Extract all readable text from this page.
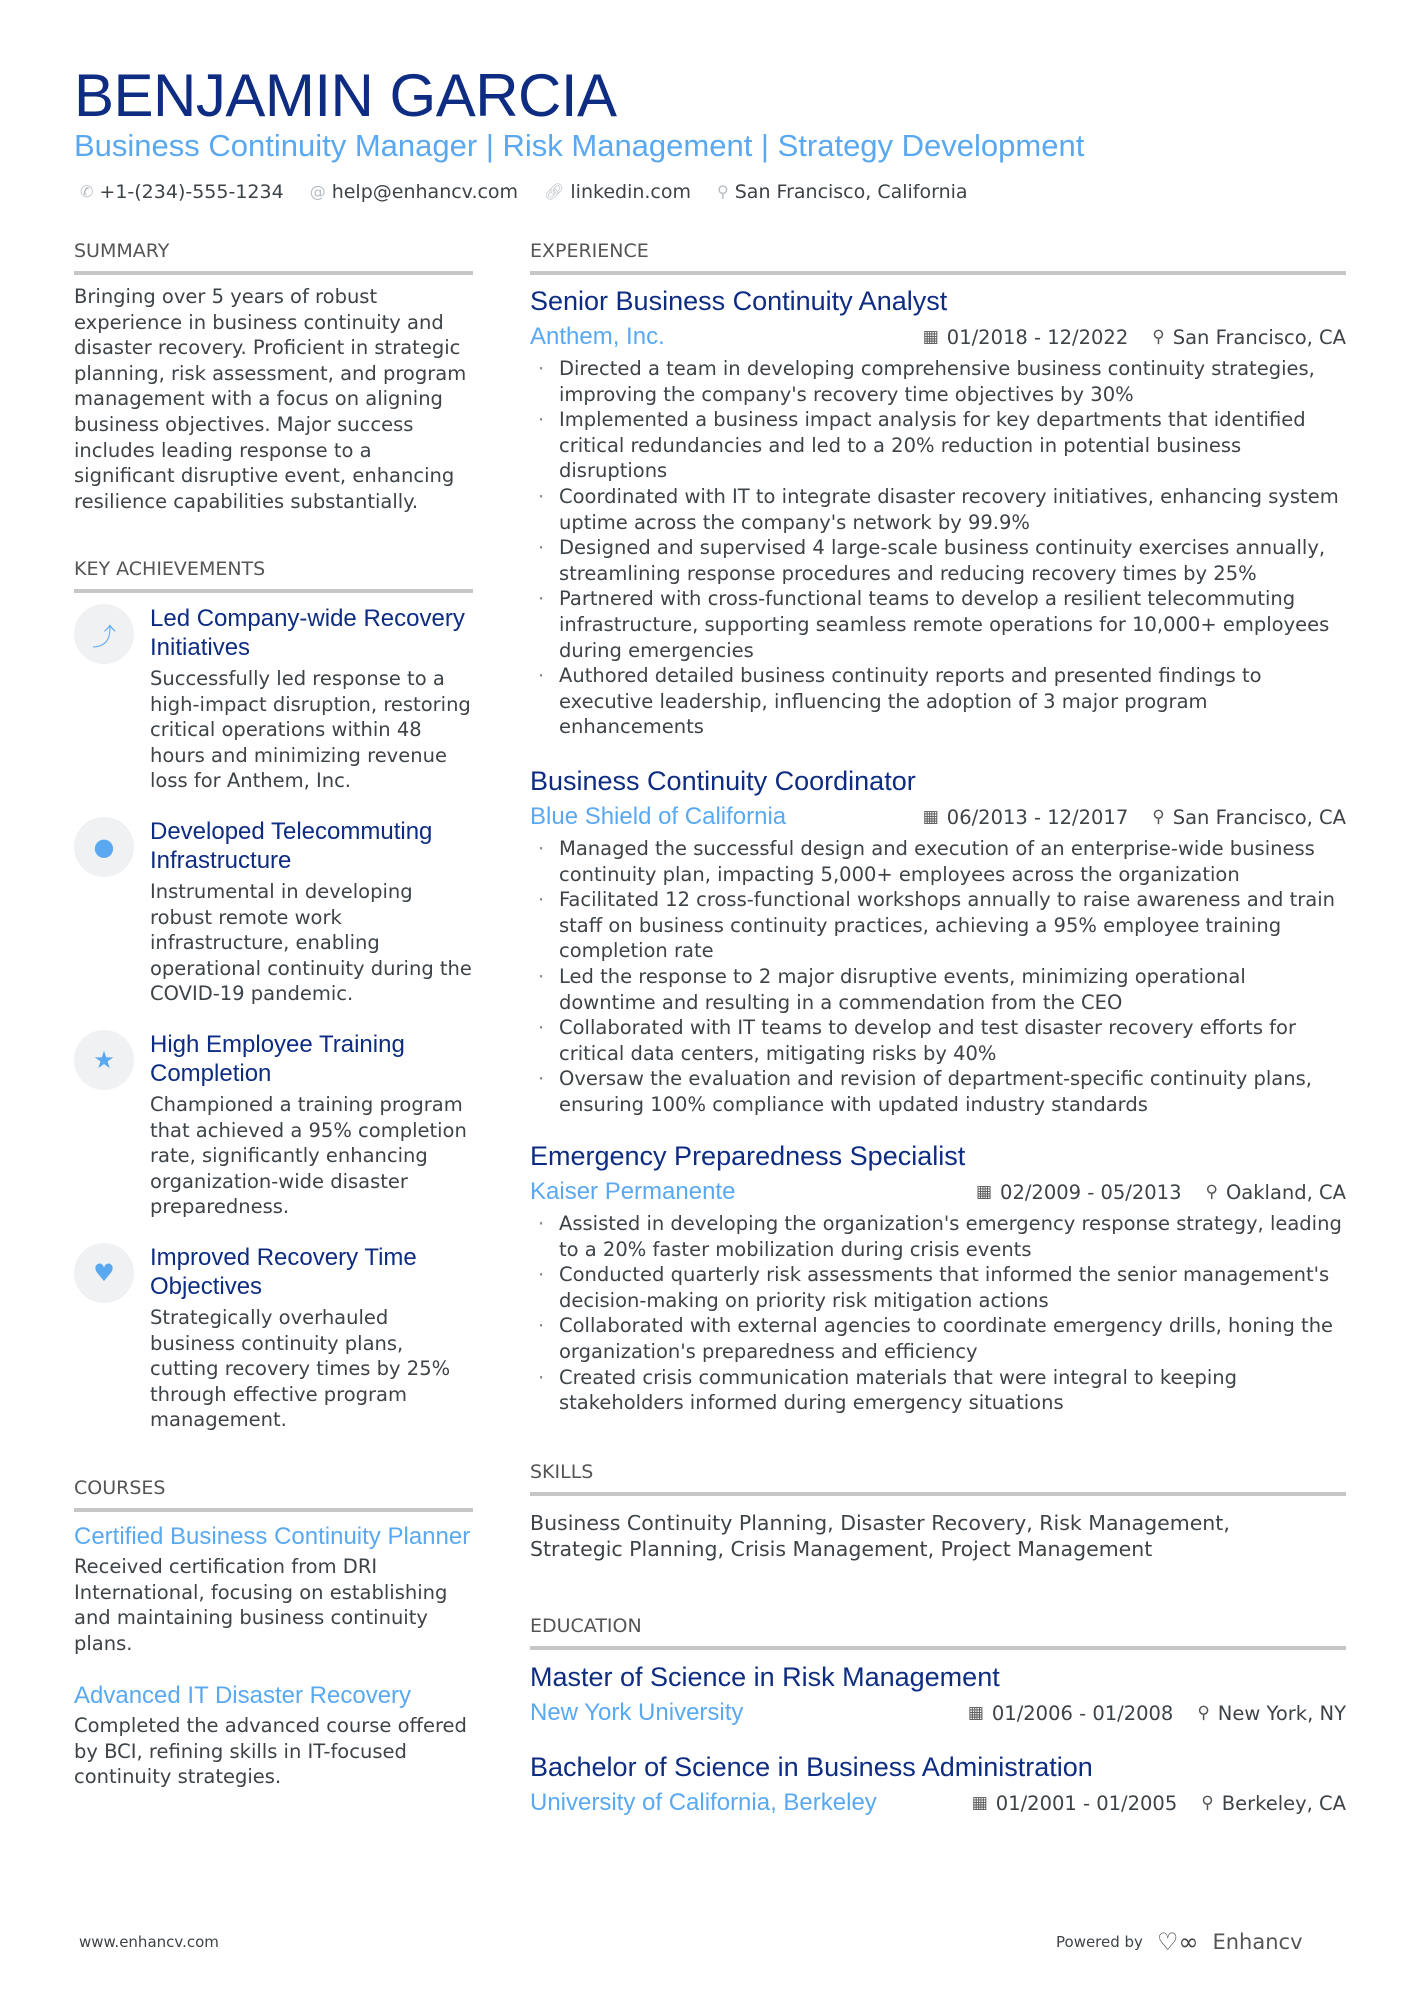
BENJAMIN GARCIA
Business Continuity Manager | Risk Management | Strategy Development
✆ +1-(234)-555-1234 @ help@enhancv.com 🔗︎ linkedin.com ⚲ San Francisco, California
SUMMARY
Bringing over 5 years of robust experience in business continuity and disaster recovery. Proficient in strategic planning, risk assessment, and program management with a focus on aligning business objectives. Major success includes leading response to a significant disruptive event, enhancing resilience capabilities substantially.
KEY ACHIEVEMENTS
⤴
Led Company-wide Recovery Initiatives
Successfully led response to a high-impact disruption, restoring critical operations within 48 hours and minimizing revenue loss for Anthem, Inc.
●
Developed Telecommuting Infrastructure
Instrumental in developing robust remote work infrastructure, enabling operational continuity during the COVID-19 pandemic.
★
High Employee Training Completion
Championed a training program that achieved a 95% completion rate, significantly enhancing organization-wide disaster preparedness.
♥
Improved Recovery Time Objectives
Strategically overhauled business continuity plans, cutting recovery times by 25% through effective program management.
COURSES
Certified Business Continuity Planner
Received certification from DRI International, focusing on establishing and maintaining business continuity plans.
Advanced IT Disaster Recovery
Completed the advanced course offered by BCI, refining skills in IT-focused continuity strategies.
EXPERIENCE
Senior Business Continuity Analyst
Anthem, Inc.	▦ 01/2018 - 12/2022 ⚲ San Francisco, CA
· Directed a team in developing comprehensive business continuity strategies, improving the company's recovery time objectives by 30%
· Implemented a business impact analysis for key departments that identified critical redundancies and led to a 20% reduction in potential business disruptions
· Coordinated with IT to integrate disaster recovery initiatives, enhancing system uptime across the company's network by 99.9%
· Designed and supervised 4 large-scale business continuity exercises annually, streamlining response procedures and reducing recovery times by 25%
· Partnered with cross-functional teams to develop a resilient telecommuting infrastructure, supporting seamless remote operations for 10,000+ employees during emergencies
· Authored detailed business continuity reports and presented findings to executive leadership, influencing the adoption of 3 major program enhancements
Business Continuity Coordinator
Blue Shield of California	▦ 06/2013 - 12/2017 ⚲ San Francisco, CA
· Managed the successful design and execution of an enterprise-wide business continuity plan, impacting 5,000+ employees across the organization
· Facilitated 12 cross-functional workshops annually to raise awareness and train staff on business continuity practices, achieving a 95% employee training completion rate
· Led the response to 2 major disruptive events, minimizing operational downtime and resulting in a commendation from the CEO
· Collaborated with IT teams to develop and test disaster recovery efforts for critical data centers, mitigating risks by 40%
· Oversaw the evaluation and revision of department-specific continuity plans, ensuring 100% compliance with updated industry standards
Emergency Preparedness Specialist
Kaiser Permanente	▦ 02/2009 - 05/2013 ⚲ Oakland, CA
· Assisted in developing the organization's emergency response strategy, leading to a 20% faster mobilization during crisis events
· Conducted quarterly risk assessments that informed the senior management's decision-making on priority risk mitigation actions
· Collaborated with external agencies to coordinate emergency drills, honing the organization's preparedness and efficiency
· Created crisis communication materials that were integral to keeping stakeholders informed during emergency situations
SKILLS
Business Continuity Planning, Disaster Recovery, Risk Management, Strategic Planning, Crisis Management, Project Management
EDUCATION
Master of Science in Risk Management
New York University	▦ 01/2006 - 01/2008 ⚲ New York, NY
Bachelor of Science in Business Administration
University of California, Berkeley	▦ 01/2001 - 01/2005 ⚲ Berkeley, CA
www.enhancv.com	Powered by ♡∞ Enhancv
